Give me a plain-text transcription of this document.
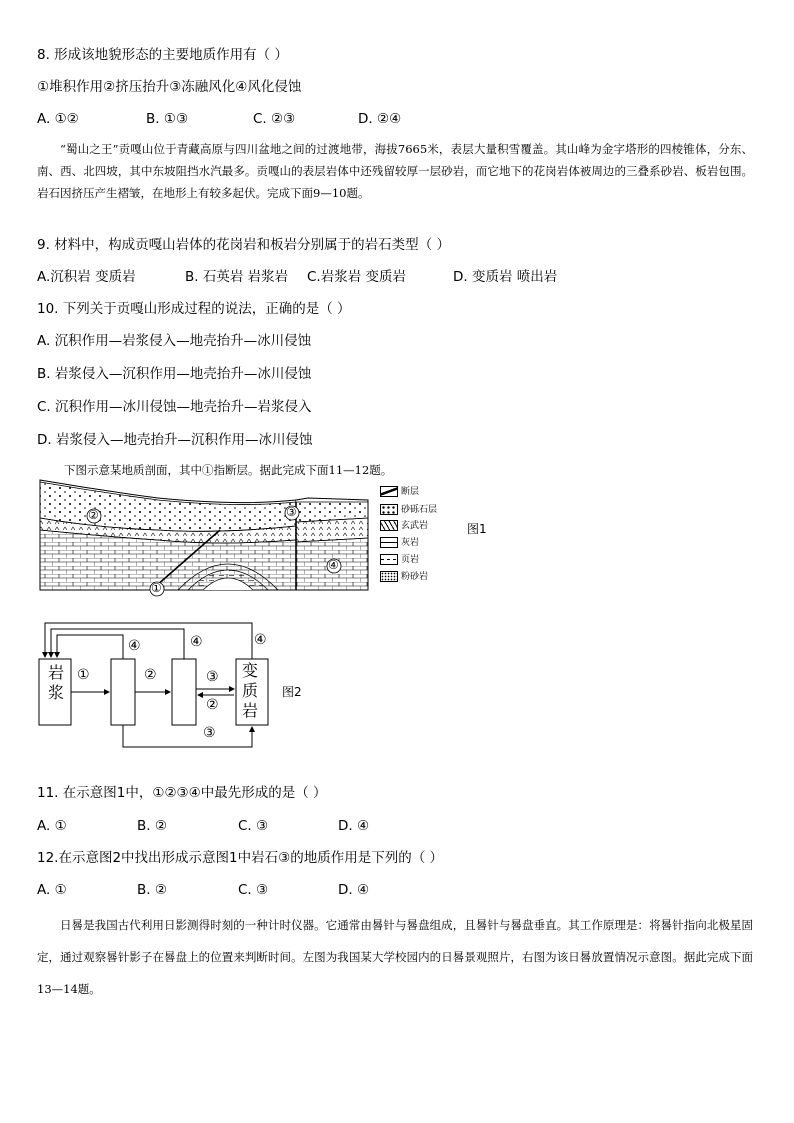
8. 形成该地貌形态的主要地质作用有（ ）
①堆积作用②挤压抬升③冻融风化④风化侵蚀
A. ①②	B. ①③	C. ②③	D. ②④
“蜀山之王”贡嘎山位于青藏高原与四川盆地之间的过渡地带，海拔7665米，表层大量积雪覆盖。其山峰为金字塔形的四棱锥体，分东、南、西、北四坡，其中东坡阻挡水汽最多。贡嘎山的表层岩体中还残留较厚一层砂岩，而它地下的花岗岩体被周边的三叠系砂岩、板岩包围。岩石因挤压产生褶皱，在地形上有较多起伏。完成下面9—10题。
9. 材料中，构成贡嘎山岩体的花岗岩和板岩分别属于的岩石类型（ ）
A.沉积岩 变质岩	B. 石英岩 岩浆岩 C.岩浆岩 变质岩	D. 变质岩 喷出岩
10. 下列关于贡嘎山形成过程的说法，正确的是（ ）
A. 沉积作用—岩浆侵入—地壳抬升—冰川侵蚀
B. 岩浆侵入—沉积作用—地壳抬升—冰川侵蚀
C. 沉积作用—冰川侵蚀—地壳抬升—岩浆侵入
D. 岩浆侵入—地壳抬升—沉积作用—冰川侵蚀
下图示意某地质剖面，其中①指断层。据此完成下面11—12题。
②	③
④
①
断层
砂砾石层
玄武岩
灰岩
页岩
粉砂岩
图1
岩浆
变质岩
①	②	③
②
③
④	④	④
图2
11. 在示意图1中，①②③④中最先形成的是（ ）
A. ①	B. ②	C. ③	D. ④
12.在示意图2中找出形成示意图1中岩石③的地质作用是下列的（ ）
A. ①	B. ②	C. ③	D. ④
日晷是我国古代利用日影测得时刻的一种计时仪器。它通常由晷针与晷盘组成，且晷针与晷盘垂直。其工作原理是：将晷针指向北极星固定，通过观察晷针影子在晷盘上的位置来判断时间。左图为我国某大学校园内的日晷景观照片，右图为该日晷放置情况示意图。据此完成下面13—14题。
